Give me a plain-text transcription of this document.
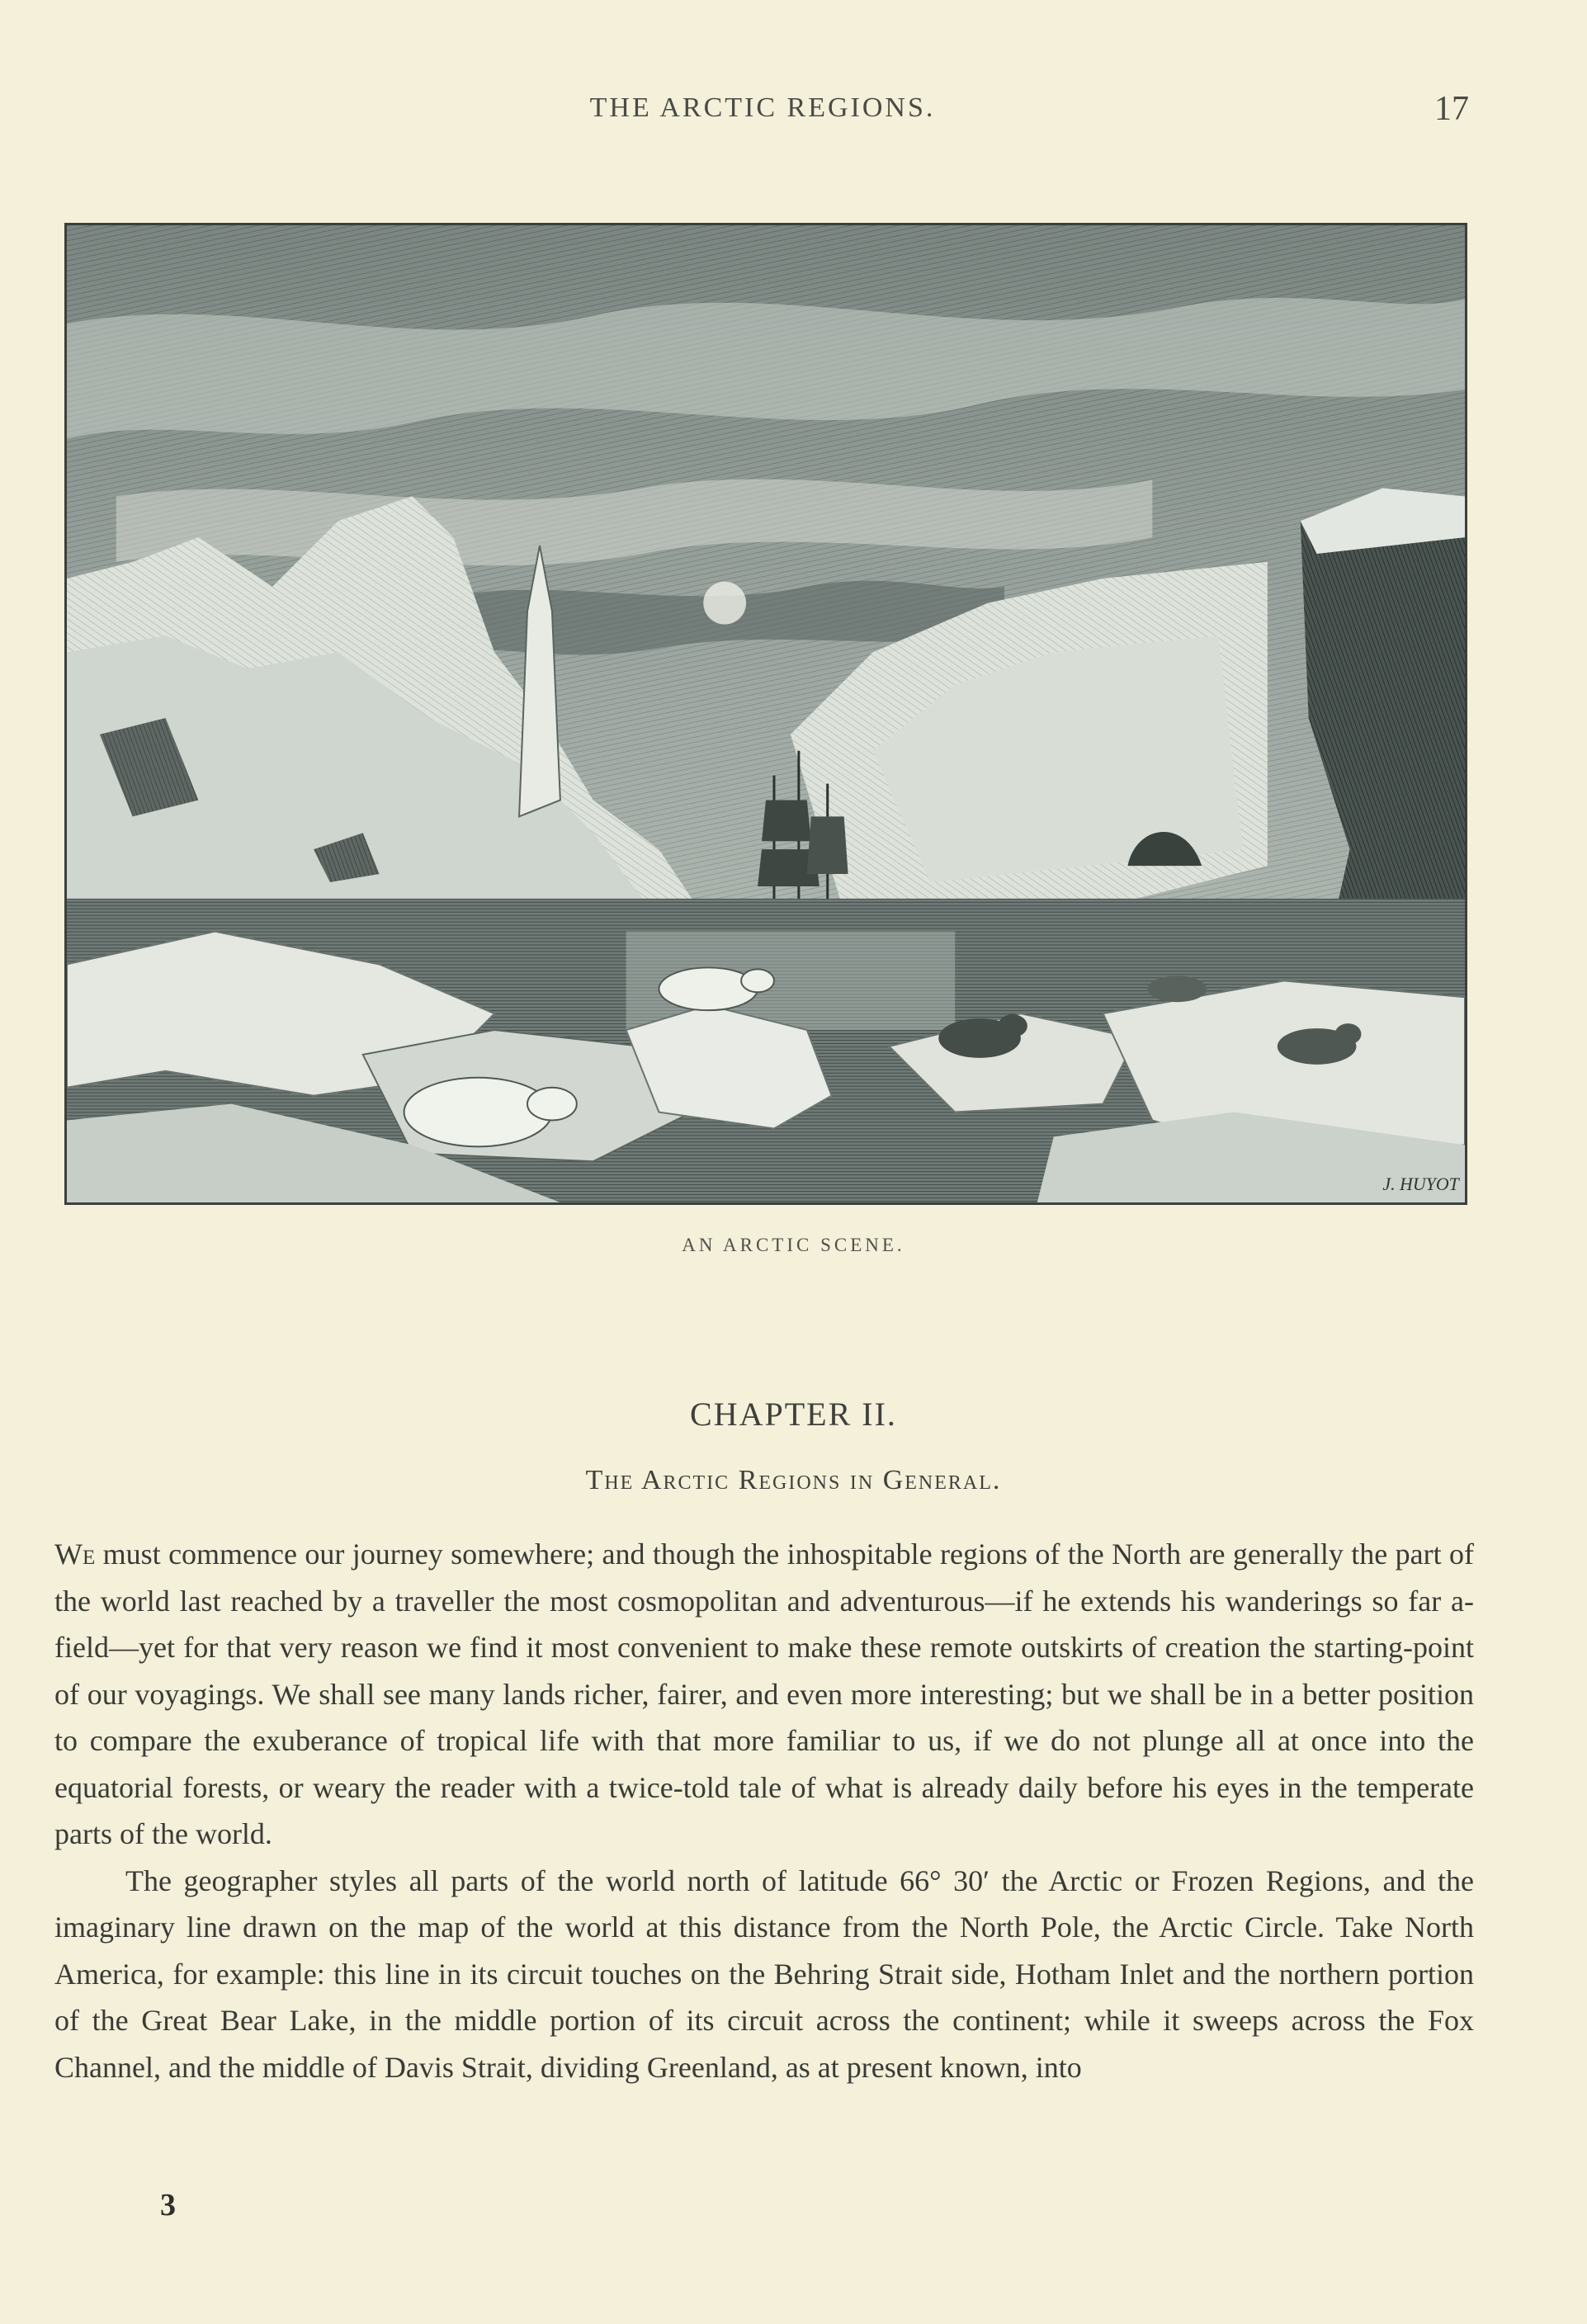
THE ARCTIC REGIONS.	17
J. HUYOT
AN ARCTIC SCENE.
CHAPTER II.
The Arctic Regions in General.

We must commence our journey somewhere; and though the inhospitable regions of the North are generally the part of the world last reached by a traveller the most cosmopolitan and adventurous—if he extends his wanderings so far a-field—yet for that very reason we find it most convenient to make these remote outskirts of creation the starting-point of our voyagings. We shall see many lands richer, fairer, and even more interesting; but we shall be in a better position to compare the exuberance of tropical life with that more familiar to us, if we do not plunge all at once into the equatorial forests, or weary the reader with a twice-told tale of what is already daily before his eyes in the temperate parts of the world.

The geographer styles all parts of the world north of latitude 66° 30′ the Arctic or Frozen Regions, and the imaginary line drawn on the map of the world at this distance from the North Pole, the Arctic Circle. Take North America, for example: this line in its circuit touches on the Behring Strait side, Hotham Inlet and the northern portion of the Great Bear Lake, in the middle portion of its circuit across the continent; while it sweeps across the Fox Channel, and the middle of Davis Strait, dividing Greenland, as at present known, into

3
